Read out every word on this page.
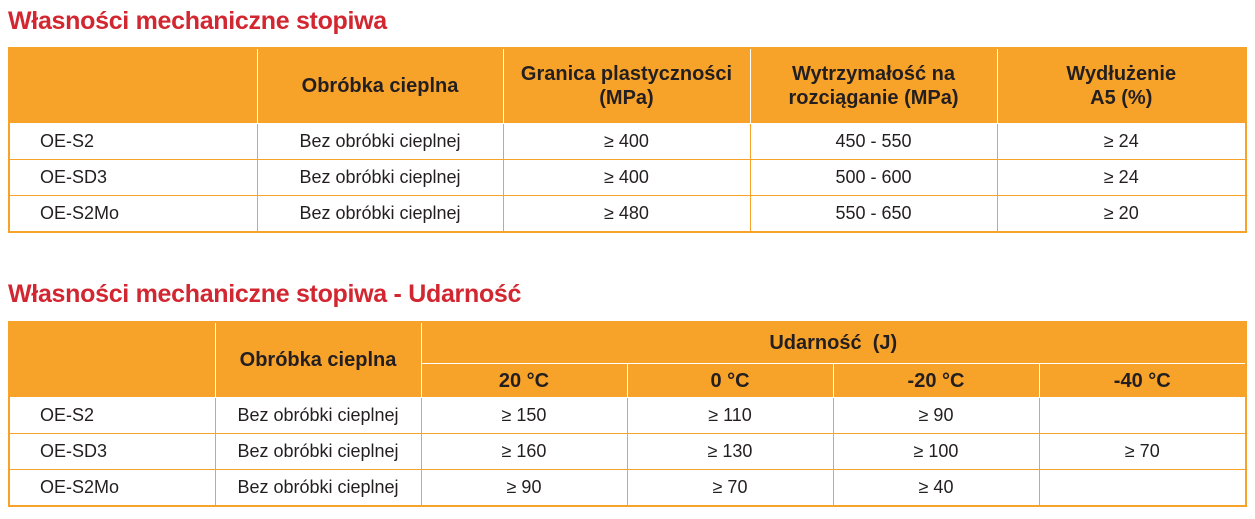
Własności mechaniczne stopiwa
	Obróbka cieplna	Granica plastyczności (MPa)	Wytrzymałość na rozciąganie (MPa)	Wydłużenie A5 (%)
OE-S2	Bez obróbki cieplnej	≥ 400	450 - 550	≥ 24
OE-SD3	Bez obróbki cieplnej	≥ 400	500 - 600	≥ 24
OE-S2Mo	Bez obróbki cieplnej	≥ 480	550 - 650	≥ 20
Własności mechaniczne stopiwa - Udarność
	Obróbka cieplna	Udarność  (J)			
		20 °C	0 °C	-20 °C	-40 °C
OE-S2	Bez obróbki cieplnej	≥ 150	≥ 110	≥ 90	
OE-SD3	Bez obróbki cieplnej	≥ 160	≥ 130	≥ 100	≥ 70
OE-S2Mo	Bez obróbki cieplnej	≥ 90	≥ 70	≥ 40	
